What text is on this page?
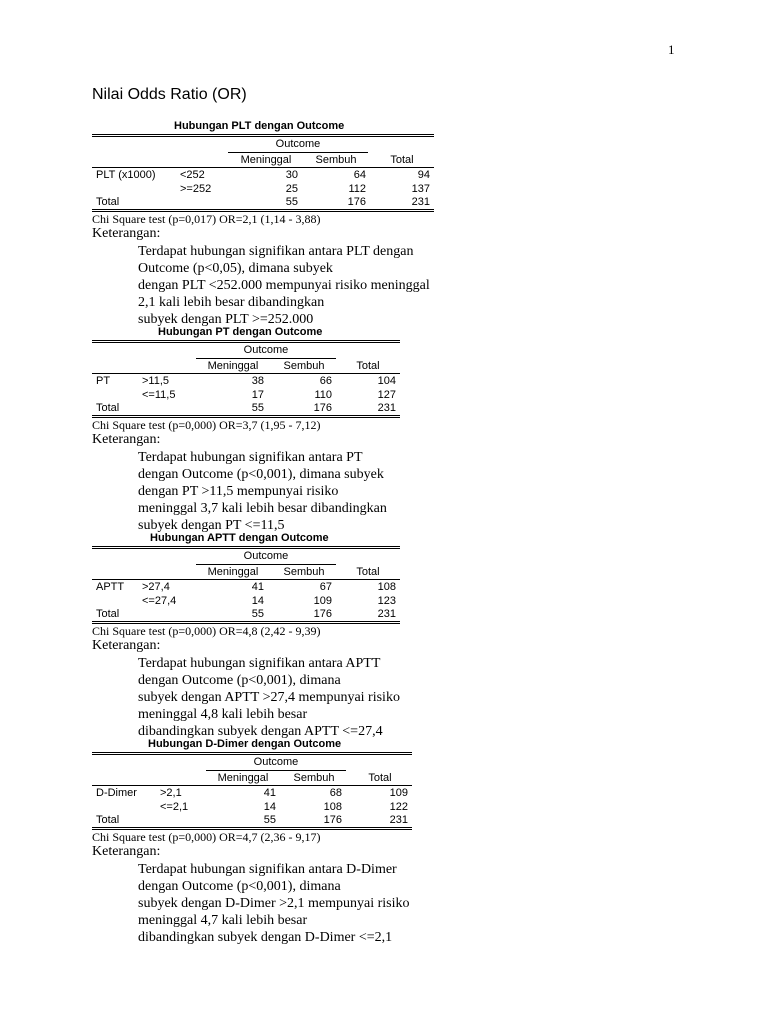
1
Nilai Odds Ratio (OR)
Hubungan PLT dengan Outcome
Outcome
Meninggal	Sembuh	Total
PLT (x1000) <252	30	64	94
>=252	25	112	137
Total	55	176	231
Chi Square test (p=0,017) OR=2,1 (1,14 - 3,88)
Keterangan:
Terdapat hubungan signifikan antara PLT dengan Outcome (p<0,05), dimana subyek
dengan PLT <252.000 mempunyai risiko meninggal 2,1 kali lebih besar dibandingkan
subyek dengan PLT >=252.000
Hubungan PT dengan Outcome
Outcome
Meninggal	Sembuh	Total
PT	>11,5	38	66	104
<=11,5	17	110	127
Total	55	176	231
Chi Square test (p=0,000) OR=3,7 (1,95 - 7,12)
Keterangan:
Terdapat hubungan signifikan antara PT dengan Outcome (p<0,001), dimana subyek
dengan PT >11,5 mempunyai risiko meninggal 3,7 kali lebih besar dibandingkan
subyek dengan PT <=11,5
Hubungan APTT dengan Outcome
Outcome
Meninggal	Sembuh	Total
APTT >27,4	41	67	108
<=27,4	14	109	123
Total	55	176	231
Chi Square test (p=0,000) OR=4,8 (2,42 - 9,39)
Keterangan:
Terdapat hubungan signifikan antara APTT dengan Outcome (p<0,001), dimana
subyek dengan APTT >27,4 mempunyai risiko meninggal 4,8 kali lebih besar
dibandingkan subyek dengan APTT <=27,4
Hubungan D-Dimer dengan Outcome
Outcome
Meninggal	Sembuh	Total
D-Dimer >2,1	41	68	109
<=2,1	14	108	122
Total	55	176	231
Chi Square test (p=0,000) OR=4,7 (2,36 - 9,17)
Keterangan:
Terdapat hubungan signifikan antara D-Dimer dengan Outcome (p<0,001), dimana
subyek dengan D-Dimer >2,1 mempunyai risiko meninggal 4,7 kali lebih besar
dibandingkan subyek dengan D-Dimer <=2,1
